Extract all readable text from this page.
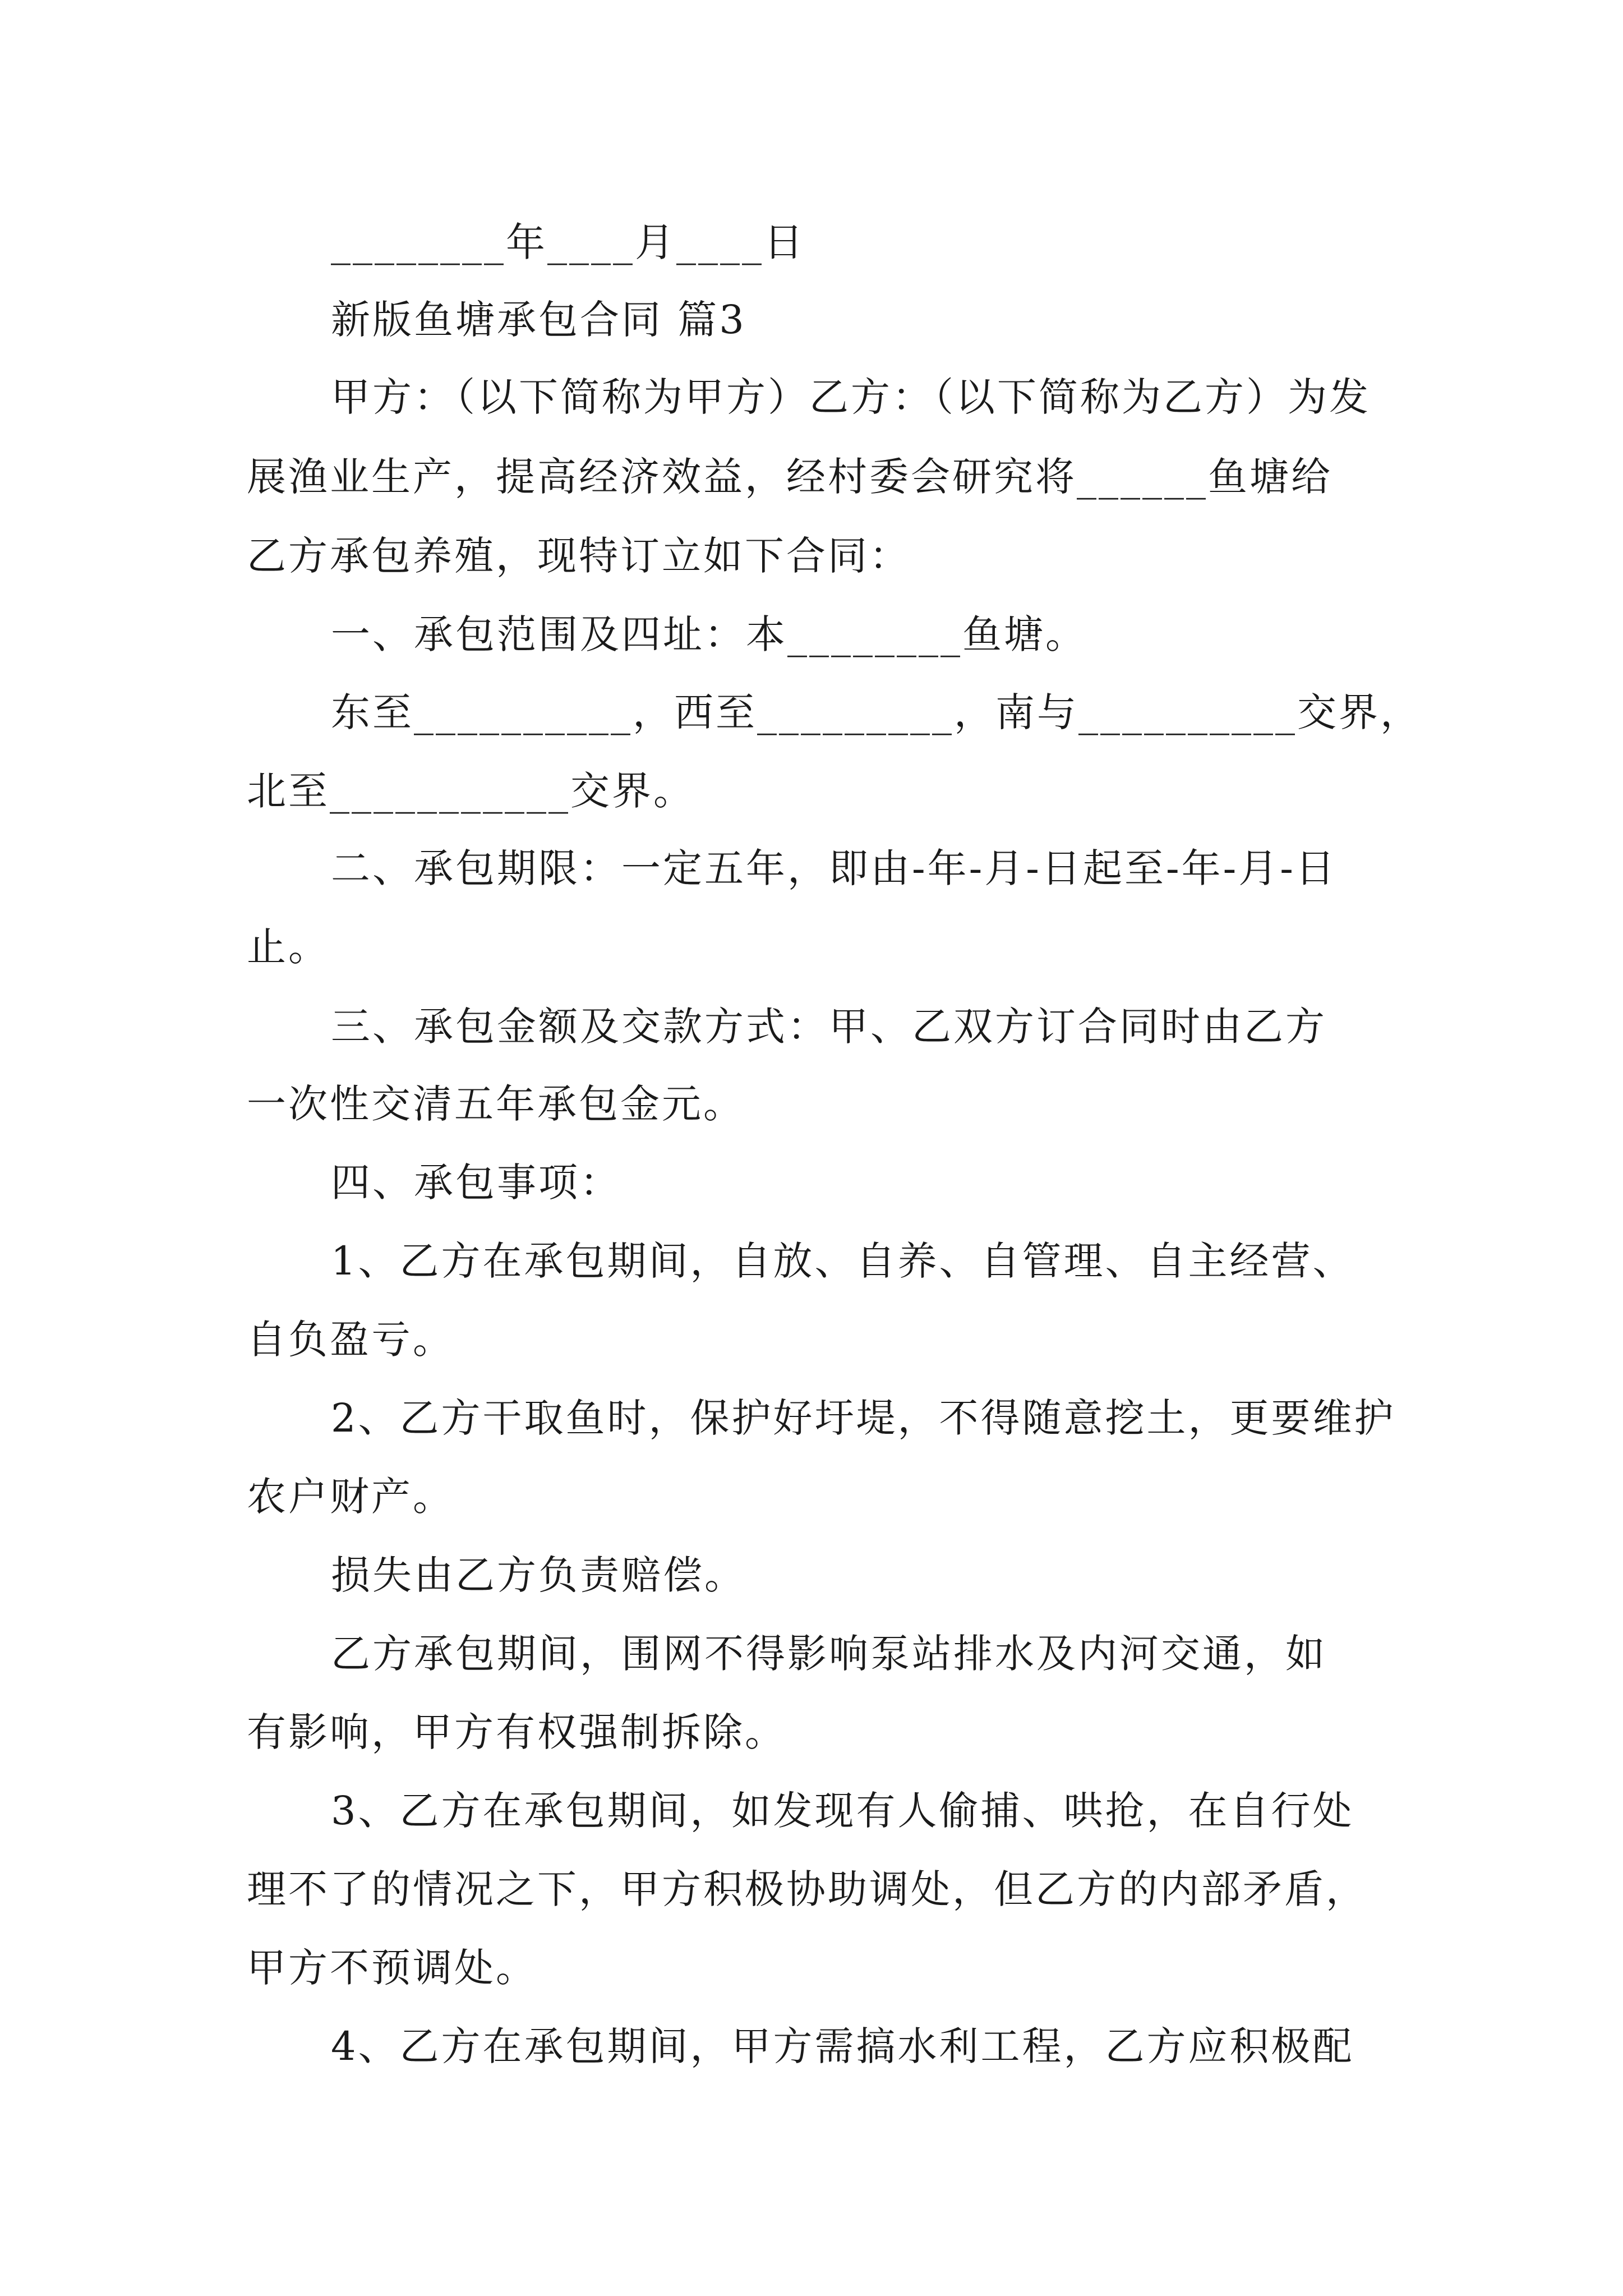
________年____月____日
新版鱼塘承包合同 篇3
甲方：（以下简称为甲方）乙方：（以下简称为乙方）为发
展渔业生产，提高经济效益，经村委会研究将______鱼塘给
乙方承包养殖，现特订立如下合同：
一、承包范围及四址：本________鱼塘。
东至__________，西至_________，南与__________交界，
北至___________交界。
二、承包期限：一定五年，即由-年-月-日起至-年-月-日
止。
三、承包金额及交款方式：甲、乙双方订合同时由乙方
一次性交清五年承包金元。
四、承包事项：
1、乙方在承包期间，自放、自养、自管理、自主经营、
自负盈亏。
2、乙方干取鱼时，保护好圩堤，不得随意挖土，更要维护
农户财产。
损失由乙方负责赔偿。
乙方承包期间，围网不得影响泵站排水及内河交通，如
有影响，甲方有权强制拆除。
3、乙方在承包期间，如发现有人偷捕、哄抢，在自行处
理不了的情况之下，甲方积极协助调处，但乙方的内部矛盾，
甲方不预调处。
4、乙方在承包期间，甲方需搞水利工程，乙方应积极配
